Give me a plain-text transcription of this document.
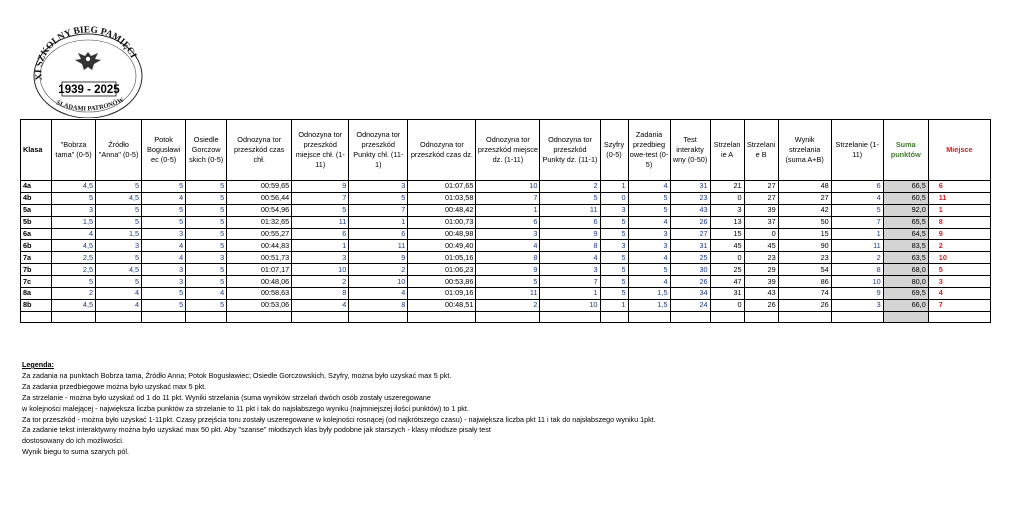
XI SZKOLNY BIEG PAMIĘCI
1939 - 2025
ŚLADAMI PATRONÓW
Klasa	"Bobrza tama" (0-5)	Źródło "Anna" (0-5)	Potok Bogusławi ec (0-5)	Osiedle Gorczow skich (0-5)	Odnozyna tor przeszkód czas chł.	Odnozyna tor przeszkód miejsce chł. (1-11)	Odnozyna tor przeszkód Punkty chł. (11-1)	Odnozyna tor przeszkód czas dz.	Odnozyna tor przeszkód miejsce dz. (1-11)	Odnozyna tor przeszkód Punkty dz. (11-1)	Szyfry (0-5)	Zadania przedbieg owe-test (0-5)	Test interakty wny (0-50)	Strzelan ie A	Strzelani e B	Wynik strzelania (suma A+B)	Strzelanie (1-11)	Suma punktów	Miejsce
4a	4,5	5	5	5	00:59,65	9	3	01:07,65	10	2	1	4	31	21	27	48	6	66,5	6
4b	5	4,5	4	5	00:56,44	7	5	01:03,58	7	5	0	5	23	0	27	27	4	60,5	11
5a	3	5	5	5	00:54,96	5	7	00:48,42	1	11	3	5	43	3	39	42	5	92,0	1
5b	1,5	5	5	5	01:32,65	11	1	01:00,73	6	6	5	4	26	13	37	50	7	65,5	8
6a	4	1,5	3	5	00:55,27	6	6	00:48,98	3	9	5	3	27	15	0	15	1	64,5	9
6b	4,5	3	4	5	00:44,83	1	11	00:49,40	4	8	3	3	31	45	45	90	11	83,5	2
7a	2,5	5	4	3	00:51,73	3	9	01:05,16	8	4	5	4	25	0	23	23	2	63,5	10
7b	2,5	4,5	3	5	01:07,17	10	2	01:06,23	9	3	5	5	30	25	29	54	8	68,0	5
7c	5	5	3	5	00:48,06	2	10	00:53,86	5	7	5	4	26	47	39	86	10	80,0	3
8a	2	4	5	4	00:58,63	8	4	01:09,16	11	1	5	1,5	34	31	43	74	9	69,5	4
8b	4,5	4	5	5	00:53,06	4	8	00:48,51	2	10	1	1,5	24	0	26	26	3	66,0	7

Legenda:
Za zadania na punktach Bobrza tama, Źródło Anna; Potok Bogusławiec; Osiedle Gorczowskich, Szyfry, można było uzyskać max 5 pkt.
Za zadania przedbiegowe można było uzyskać max 5 pkt.
Za strzelanie - można było uzyskać od 1 do 11 pkt. Wyniki strzelania (suma wyników strzelań dwóch osób zostały uszeregowane
w kolejności malejącej - największa liczba punktów za strzelanie to 11 pkt i tak do najsłabszego wyniku (najmniejszej ilości punktów) to 1 pkt.
Za tor przeszkód - można było uzyskać 1-11pkt. Czasy przejścia toru zostały uszeregowane w kolejności rosnącej (od najkrótszego czasu) - największa liczba pkt 11 i tak do najsłabszego wyniku 1pkt.
Za zadanie tekst interaktywny można było uzyskać max 50 pkt. Aby "szanse" młodszych klas były podobne jak starszych - klasy młodsze pisały test
dostosowany do ich możliwości.
Wynik biegu to suma szarych pól.
